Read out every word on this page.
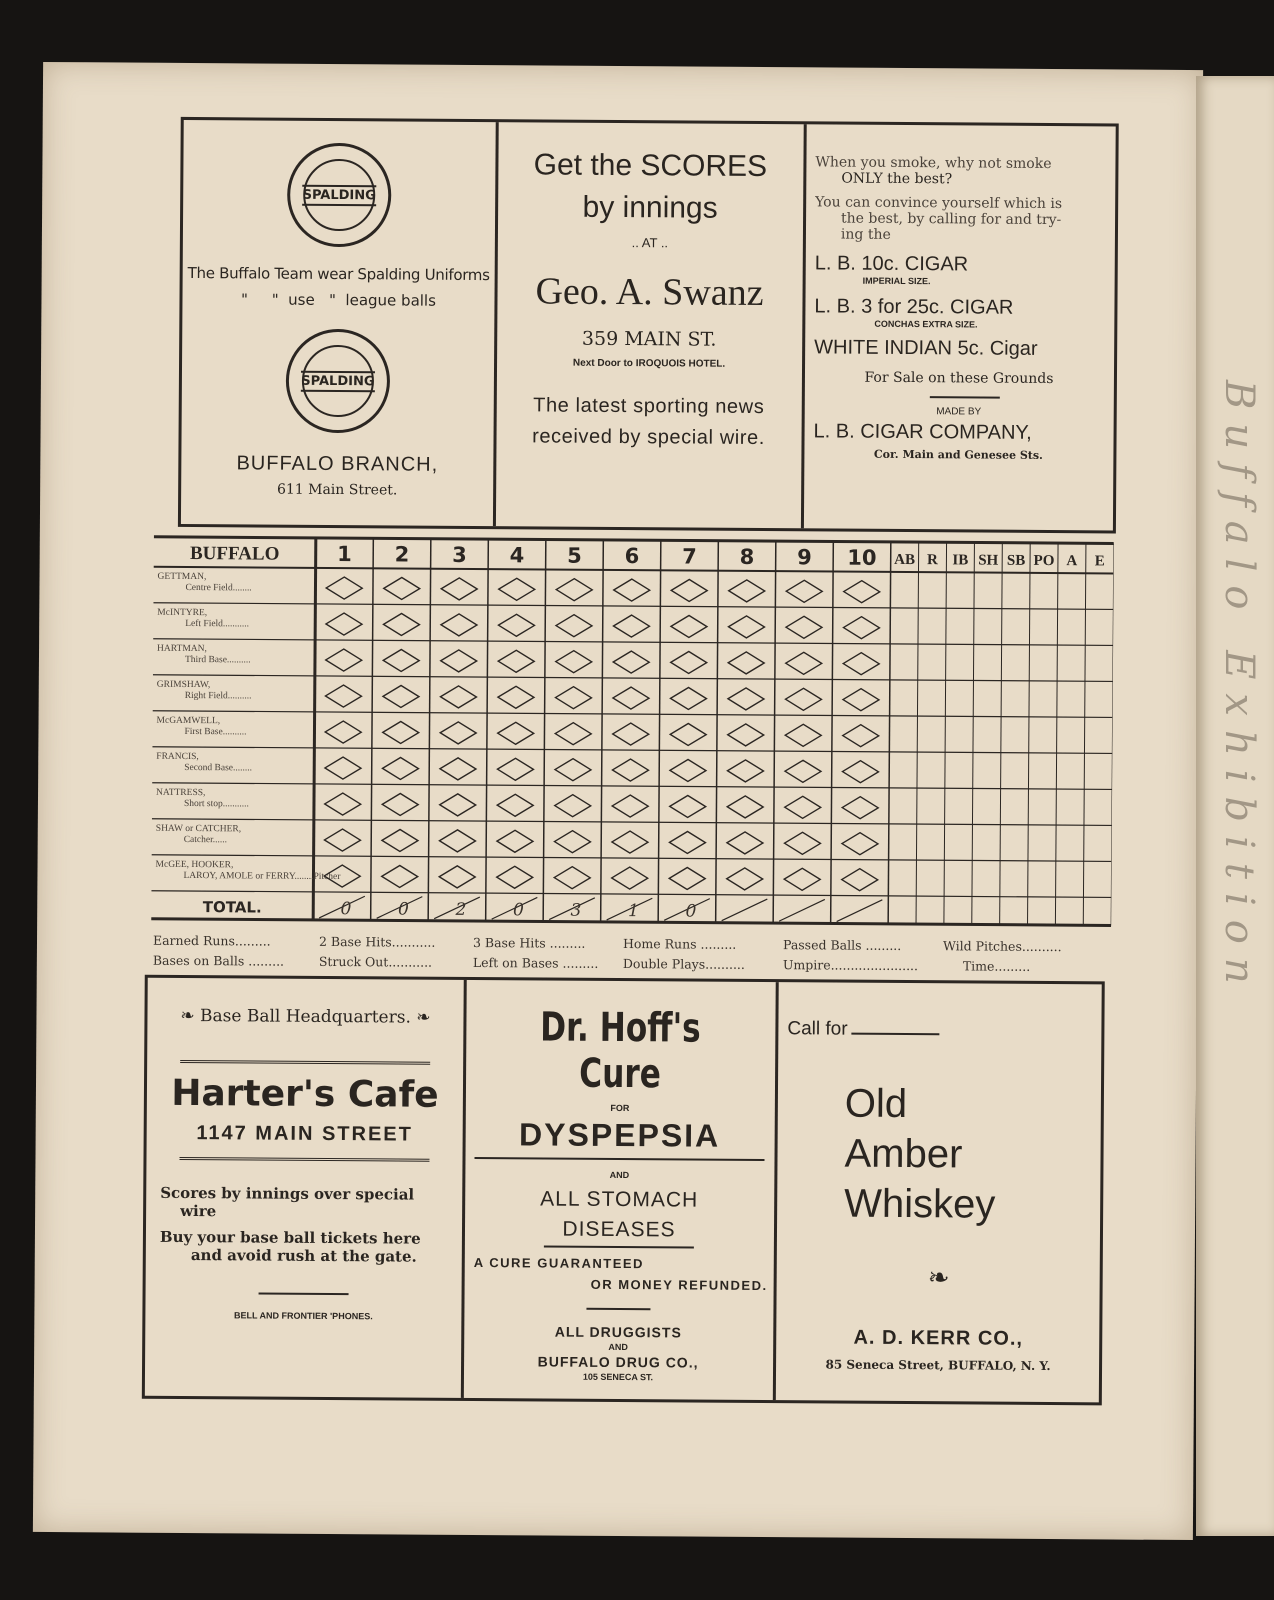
SPALDING
The Buffalo Team wear Spalding Uniforms
"     "  use   "  league balls
SPALDING
BUFFALO BRANCH,
611 Main Street.
Get the SCORES
by innings
.. AT ..
Geo. A. Swanz
359 MAIN ST.
Next Door to IROQUOIS HOTEL.
The latest sporting news
received by special wire.
When you smoke, why not smoke
ONLY the best?
You can convince yourself which is
the best, by calling for and try-
ing the
L. B. 10c. CIGAR
IMPERIAL SIZE.
L. B. 3 for 25c. CIGAR
CONCHAS EXTRA SIZE.
WHITE INDIAN 5c. Cigar
For Sale on these Grounds
MADE BY
L. B. CIGAR COMPANY,
Cor. Main and Genesee Sts.
BUFFALO	1 2 3 4 5 6 7 8 9 10 AB R IB SH SB PO A E
GETTMAN,
Centre Field........
McINTYRE,
Left Field...........
HARTMAN,
Third Base..........
GRIMSHAW,
Right Field..........
McGAMWELL,
First Base..........
FRANCIS,
Second Base........
NATTRESS,
Short stop...........
SHAW or CATCHER,
Catcher......
McGEE, HOOKER,
LAROY, AMOLE or FERRY........Pitcher
TOTAL.	0	0	2	0	3	1	0
Earned Runs.........	2 Base Hits...........	3 Base Hits .........	Home Runs .........	Passed Balls .........	Wild Pitches..........
Bases on Balls .........	Struck Out...........	Left on Bases ......... Double Plays..........	Umpire......................	Time.........
❧ Base Ball Headquarters. ❧
Harter's Cafe
1147 MAIN STREET
Scores by innings over special
wire
Buy your base ball tickets here
and avoid rush at the gate.
BELL AND FRONTIER 'PHONES.
Dr. Hoff's Cure
FOR
DYSPEPSIA
AND
ALL STOMACH
DISEASES
A CURE GUARANTEED
OR MONEY REFUNDED.
ALL DRUGGISTS
AND
BUFFALO DRUG CO.,
105 SENECA ST.
Call for
Old
Amber
Whiskey
❧
A. D. KERR CO.,
85 Seneca Street, BUFFALO, N. Y.
Buffalo Exhibition
